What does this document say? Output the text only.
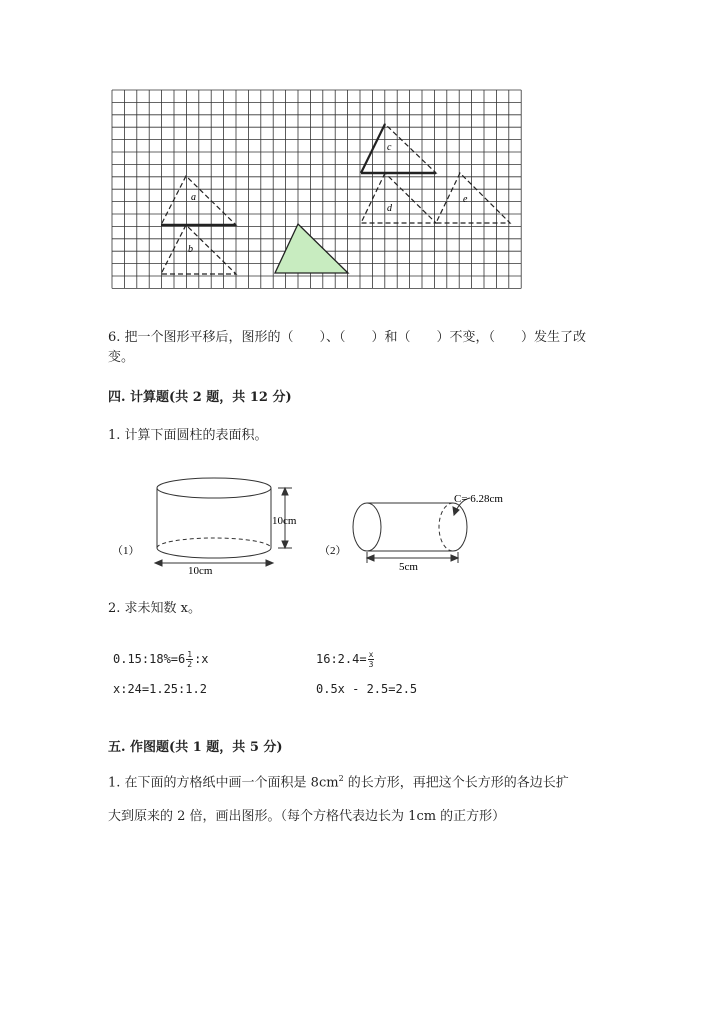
a
b
c
d
e
6. 把一个图形平移后，图形的（　　）、（　　）和（　　）不变，（　　）发生了改变。
四. 计算题(共 2 题，共 12 分)
1. 计算下面圆柱的表面积。
（1）
10cm
10cm
（2）
C= 6.28cm
5cm
2. 求未知数 x。
0.15:18%=6 $\frac{1}{2}$ :x	16:2.4= $\frac{x}{3}$
x:24=1.25:1.2	0.5x - 2.5=2.5
五. 作图题(共 1 题，共 5 分)
1. 在下面的方格纸中画一个面积是 $8cm^2$ 的长方形，再把这个长方形的各边长扩
大到原来的 2 倍，画出图形。（每个方格代表边长为 1cm 的正方形）
